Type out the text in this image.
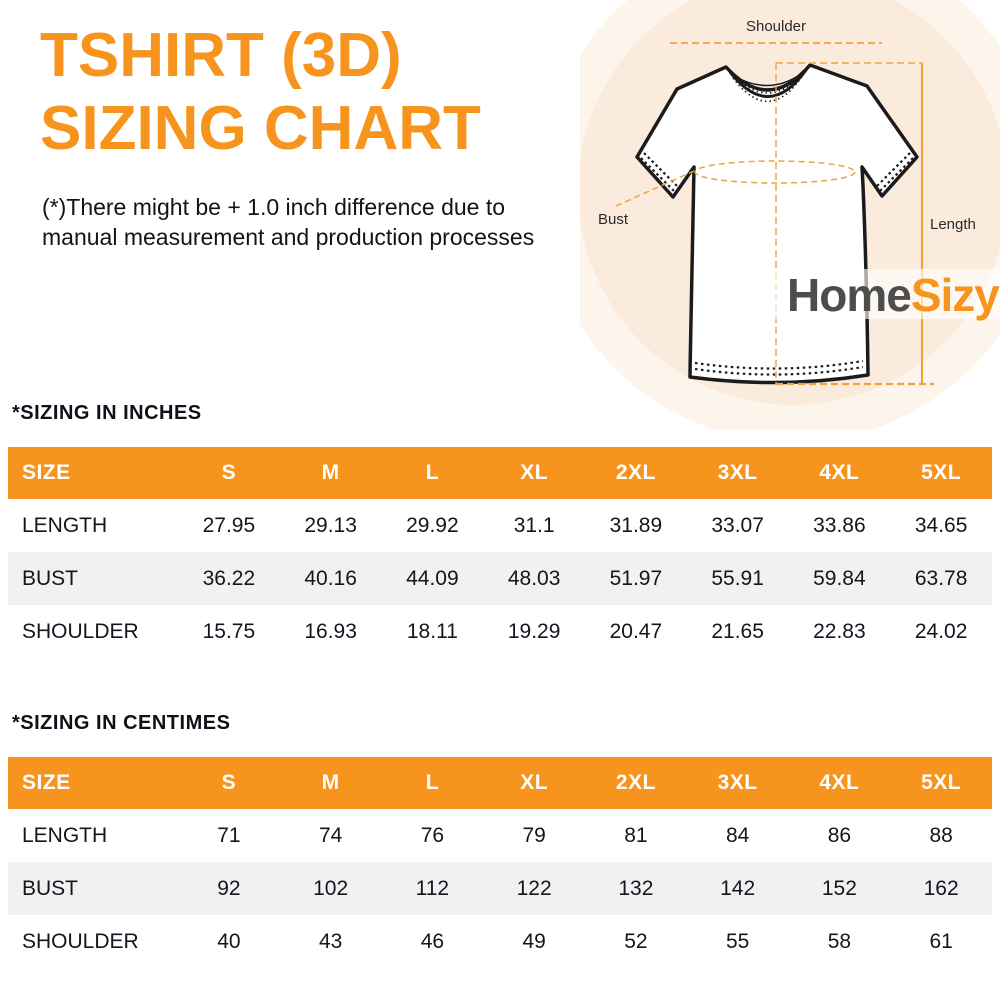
TSHIRT (3D)
SIZING CHART
(*)There might be + 1.0 inch difference due to
manual measurement and production processes
Shoulder
Bust	Length
HomeSizy
*SIZING IN INCHES
SIZE	S	M	L	XL	2XL	3XL	4XL	5XL
LENGTH	27.95	29.13	29.92	31.1	31.89	33.07	33.86	34.65
BUST	36.22	40.16	44.09	48.03	51.97	55.91	59.84	63.78
SHOULDER	15.75	16.93	18.11	19.29	20.47	21.65	22.83	24.02
*SIZING IN CENTIMES
SIZE	S	M	L	XL	2XL	3XL	4XL	5XL
LENGTH	71	74	76	79	81	84	86	88
BUST	92	102	112	122	132	142	152	162
SHOULDER	40	43	46	49	52	55	58	61
